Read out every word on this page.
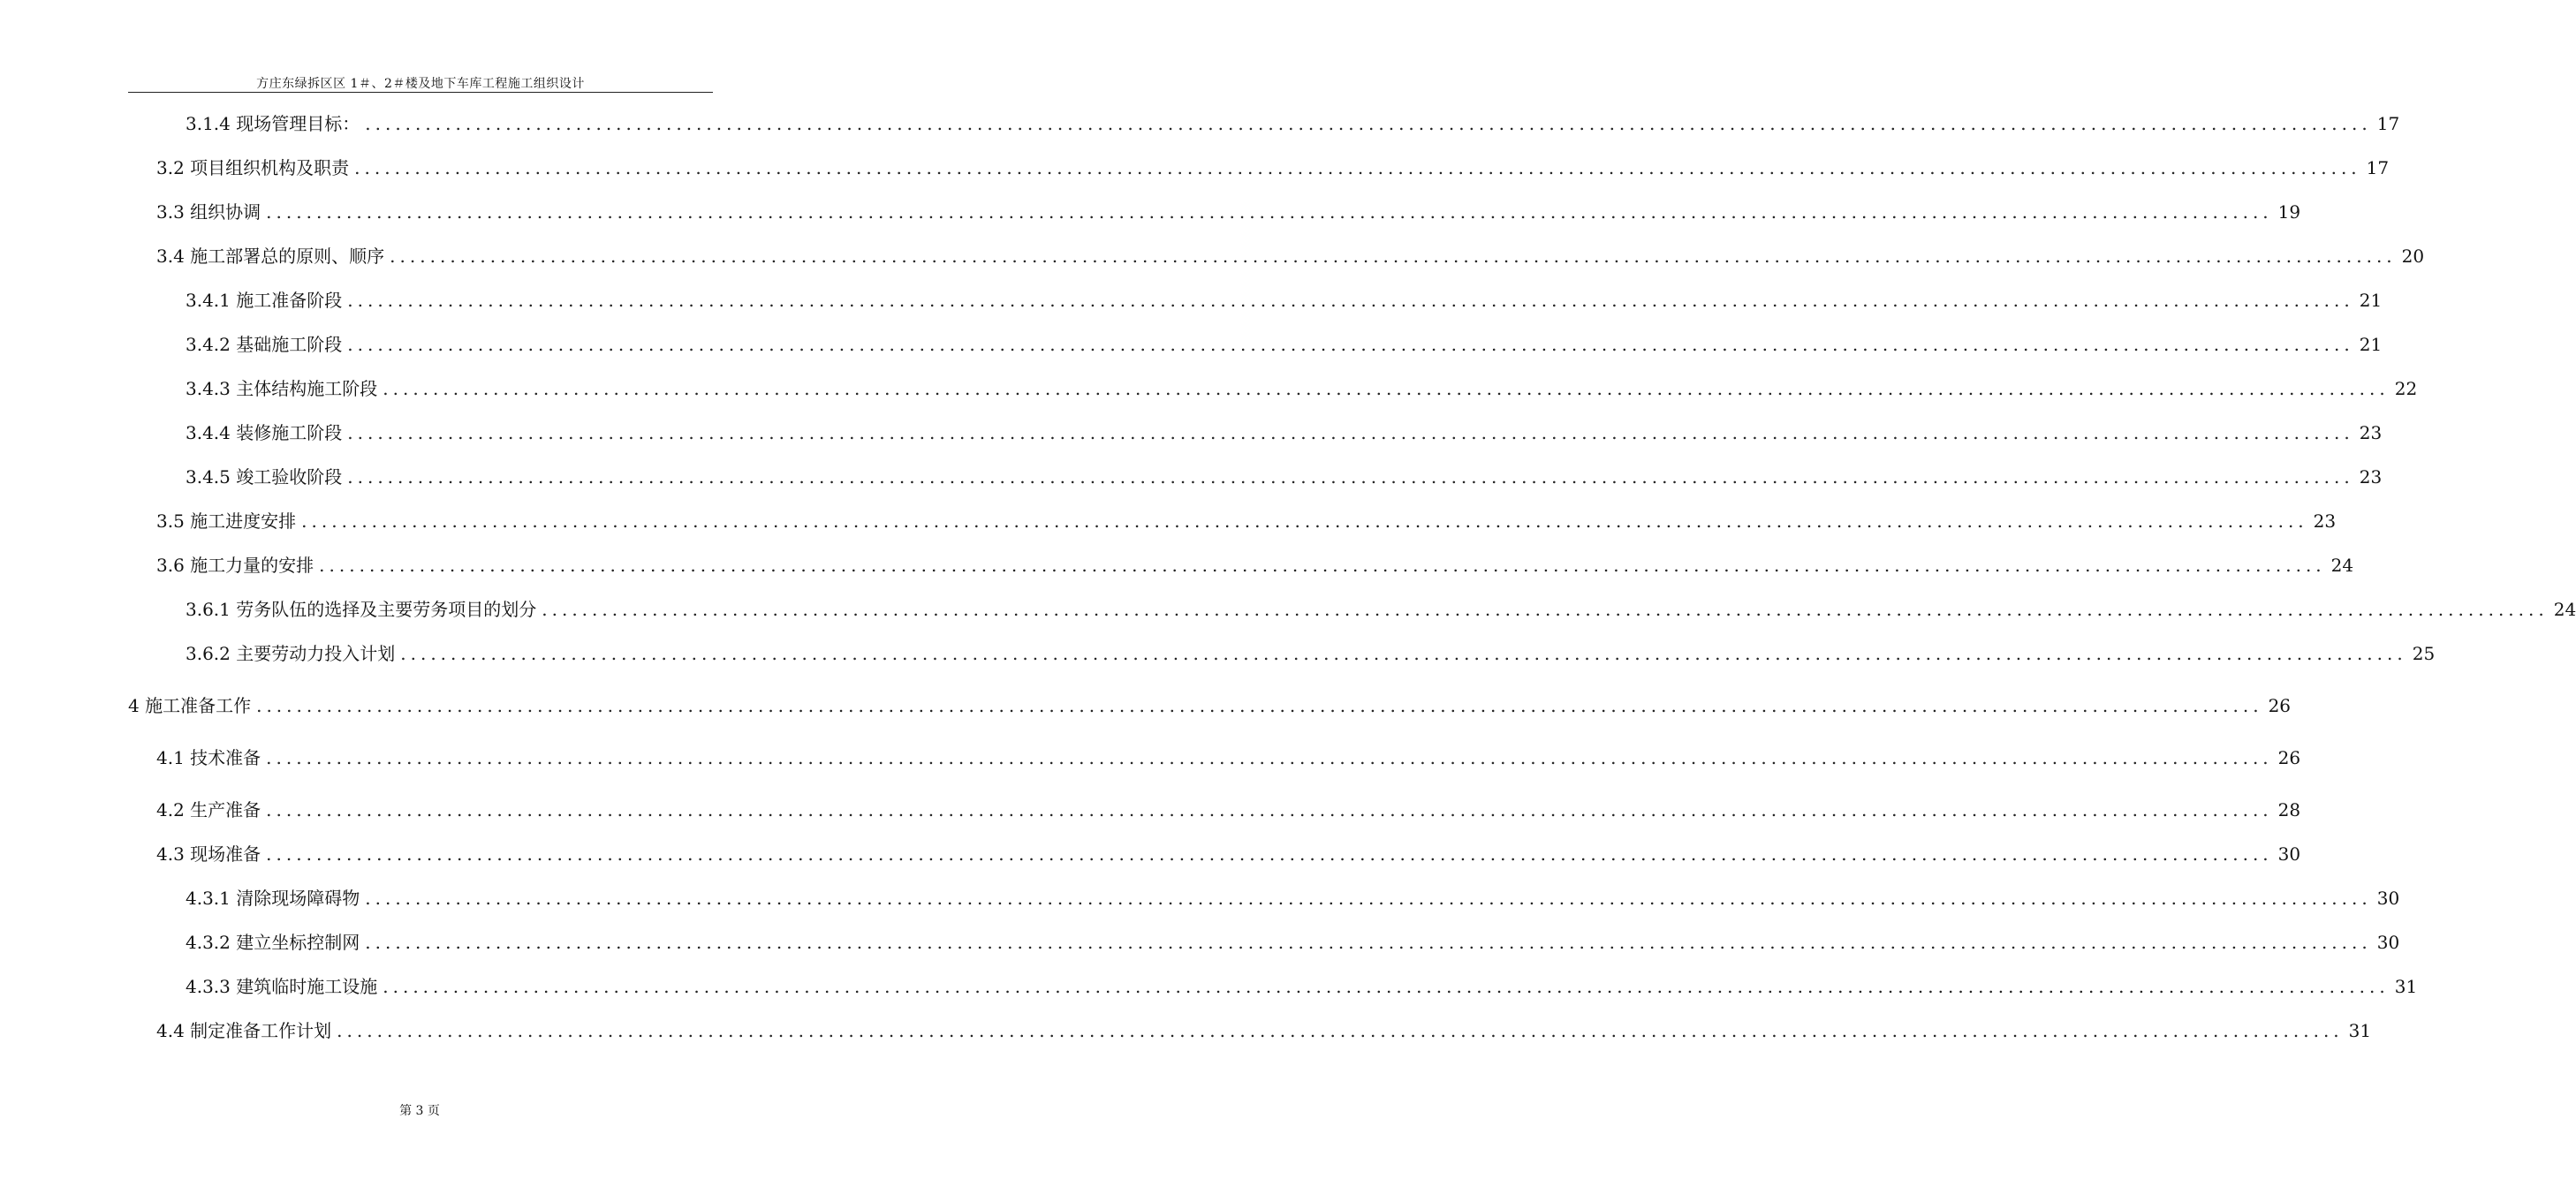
方庄东绿拆区区 1＃、2＃楼及地下车库工程施工组织设计
3.1.4 现场管理目标： ........................................................................................................................................................................................................ 17
3.2 项目组织机构及职责 ........................................................................................................................................................................................................ 17
3.3 组织协调 ........................................................................................................................................................................................................ 19
3.4 施工部署总的原则、顺序 ........................................................................................................................................................................................................ 20
3.4.1 施工准备阶段 ........................................................................................................................................................................................................ 21
3.4.2 基础施工阶段 ........................................................................................................................................................................................................ 21
3.4.3 主体结构施工阶段 ........................................................................................................................................................................................................ 22
3.4.4 装修施工阶段 ........................................................................................................................................................................................................ 23
3.4.5 竣工验收阶段 ........................................................................................................................................................................................................ 23
3.5 施工进度安排 ........................................................................................................................................................................................................ 23
3.6 施工力量的安排 ........................................................................................................................................................................................................ 24
3.6.1 劳务队伍的选择及主要劳务项目的划分 ........................................................................................................................................................................................................ 24
3.6.2 主要劳动力投入计划 ........................................................................................................................................................................................................ 25
4 施工准备工作 ........................................................................................................................................................................................................ 26
4.1 技术准备 ........................................................................................................................................................................................................ 26
4.2 生产准备 ........................................................................................................................................................................................................ 28
4.3 现场准备 ........................................................................................................................................................................................................ 30
4.3.1 清除现场障碍物 ........................................................................................................................................................................................................ 30
4.3.2 建立坐标控制网 ........................................................................................................................................................................................................ 30
4.3.3 建筑临时施工设施 ........................................................................................................................................................................................................ 31
4.4 制定准备工作计划 ........................................................................................................................................................................................................ 31
第 3 页
